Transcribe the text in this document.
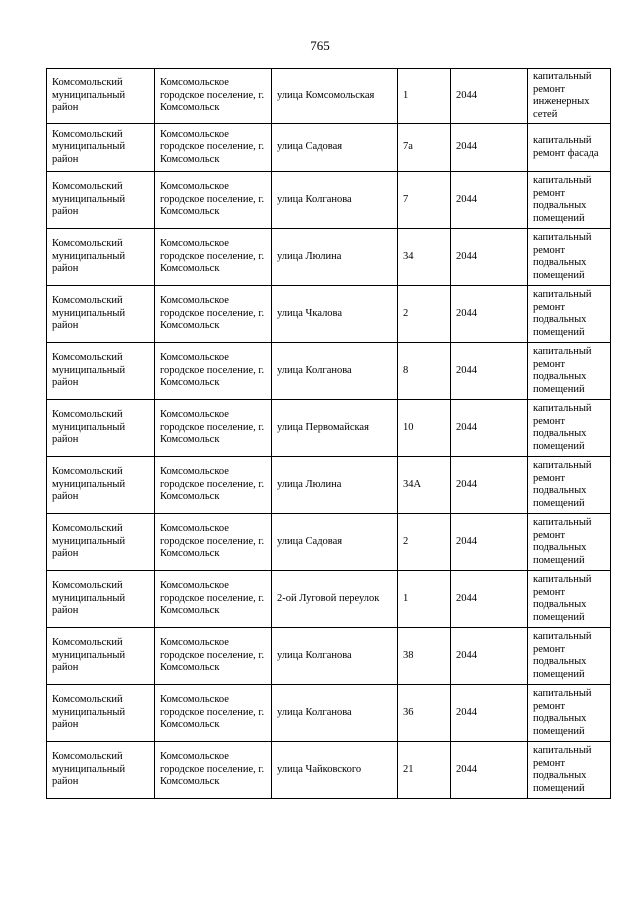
765
Комсомольский муниципальный район	Комсомольское городское поселение, г. Комсомольск	улица Комсомольская	1	2044	капитальный ремонт инженерных сетей
Комсомольский муниципальный район	Комсомольское городское поселение, г. Комсомольск	улица Садовая	7а	2044	капитальный ремонт фасада
Комсомольский муниципальный район	Комсомольское городское поселение, г. Комсомольск	улица Колганова	7	2044	капитальный ремонт подвальных помещений
Комсомольский муниципальный район	Комсомольское городское поселение, г. Комсомольск	улица Люлина	34	2044	капитальный ремонт подвальных помещений
Комсомольский муниципальный район	Комсомольское городское поселение, г. Комсомольск	улица Чкалова	2	2044	капитальный ремонт подвальных помещений
Комсомольский муниципальный район	Комсомольское городское поселение, г. Комсомольск	улица Колганова	8	2044	капитальный ремонт подвальных помещений
Комсомольский муниципальный район	Комсомольское городское поселение, г. Комсомольск	улица Первомайская	10	2044	капитальный ремонт подвальных помещений
Комсомольский муниципальный район	Комсомольское городское поселение, г. Комсомольск	улица Люлина	34А	2044	капитальный ремонт подвальных помещений
Комсомольский муниципальный район	Комсомольское городское поселение, г. Комсомольск	улица Садовая	2	2044	капитальный ремонт подвальных помещений
Комсомольский муниципальный район	Комсомольское городское поселение, г. Комсомольск	2-ой Луговой переулок	1	2044	капитальный ремонт подвальных помещений
Комсомольский муниципальный район	Комсомольское городское поселение, г. Комсомольск	улица Колганова	38	2044	капитальный ремонт подвальных помещений
Комсомольский муниципальный район	Комсомольское городское поселение, г. Комсомольск	улица Колганова	36	2044	капитальный ремонт подвальных помещений
Комсомольский муниципальный район	Комсомольское городское поселение, г. Комсомольск	улица Чайковского	21	2044	капитальный ремонт подвальных помещений
